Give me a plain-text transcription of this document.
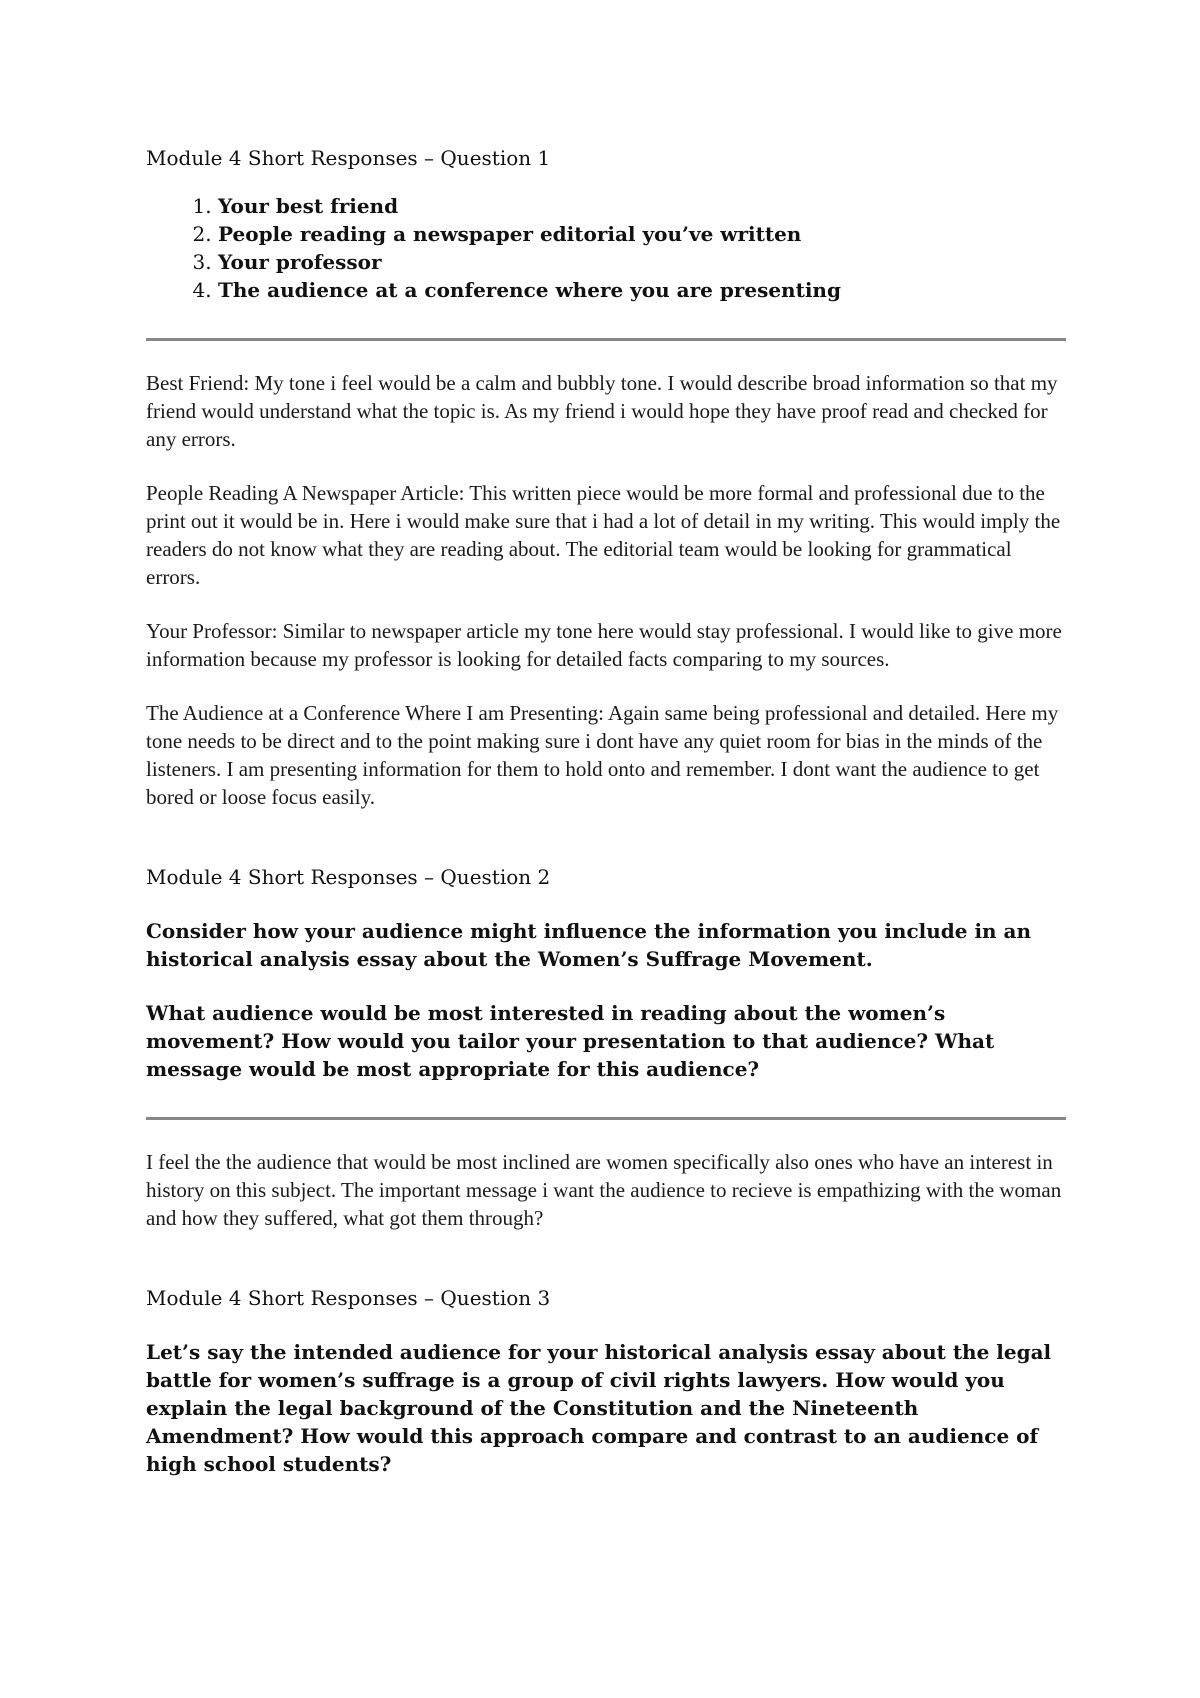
Module 4 Short Responses – Question 1

1. Your best friend
2. People reading a newspaper editorial you’ve written
3. Your professor
4. The audience at a conference where you are presenting

Best Friend: My tone i feel would be a calm and bubbly tone. I would describe broad information so that my friend would understand what the topic is. As my friend i would hope they have proof read and checked for any errors.

People Reading A Newspaper Article: This written piece would be more formal and professional due to the print out it would be in. Here i would make sure that i had a lot of detail in my writing. This would imply the readers do not know what they are reading about. The editorial team would be looking for grammatical errors.

Your Professor: Similar to newspaper article my tone here would stay professional. I would like to give more information because my professor is looking for detailed facts comparing to my sources.

The Audience at a Conference Where I am Presenting: Again same being professional and detailed. Here my tone needs to be direct and to the point making sure i dont have any quiet room for bias in the minds of the listeners. I am presenting information for them to hold onto and remember. I dont want the audience to get bored or loose focus easily.

Module 4 Short Responses – Question 2

Consider how your audience might influence the information you include in an historical analysis essay about the Women’s Suffrage Movement.

What audience would be most interested in reading about the women’s movement? How would you tailor your presentation to that audience? What message would be most appropriate for this audience?

I feel the the audience that would be most inclined are women specifically also ones who have an interest in history on this subject. The important message i want the audience to recieve is empathizing with the woman and how they suffered, what got them through?

Module 4 Short Responses – Question 3

Let’s say the intended audience for your historical analysis essay about the legal battle for women’s suffrage is a group of civil rights lawyers. How would you explain the legal background of the Constitution and the Nineteenth Amendment? How would this approach compare and contrast to an audience of high school students?
